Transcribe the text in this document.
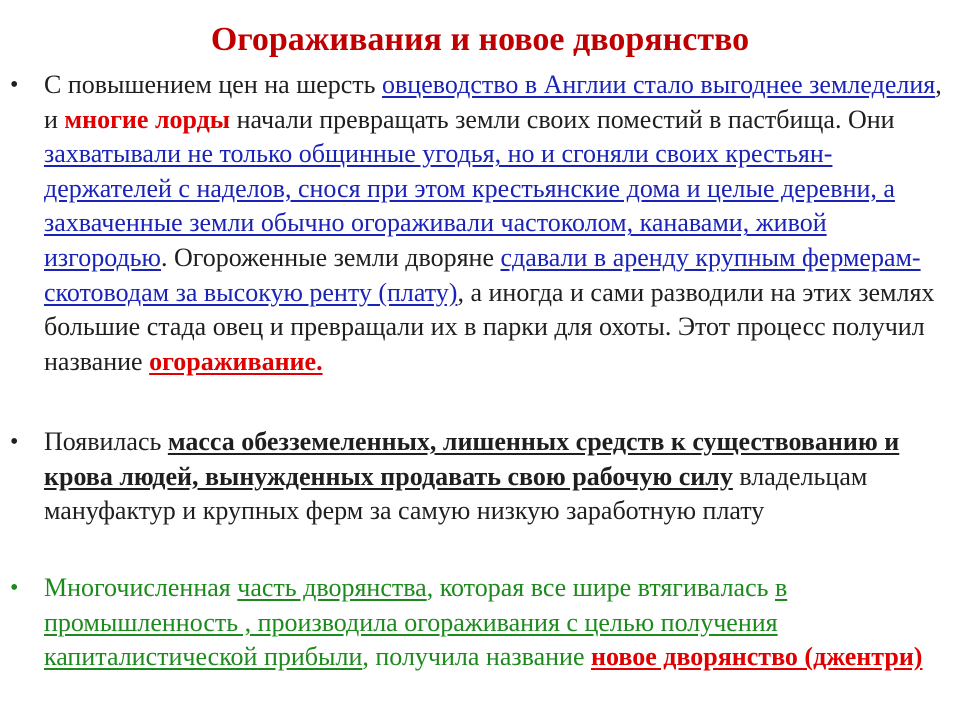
Огораживания и новое дворянство
• С повышением цен на шерсть овцеводство в Англии стало выгоднее земледелия, и многие лорды начали превращать земли своих поместий в пастбища. Они захватывали не только общинные угодья, но и сгоняли своих крестьян-держателей с наделов, снося при этом крестьянские дома и целые деревни, а захваченные земли обычно огораживали частоколом, канавами, живой изгородью. Огороженные земли дворяне сдавали в аренду крупным фермерам-скотоводам за высокую ренту (плату), а иногда и сами разводили на этих землях большие стада овец и превращали их в парки для охоты. Этот процесс получил название огораживание.
• Появилась масса обезземеленных, лишенных средств к существованию и крова людей, вынужденных продавать свою рабочую силу владельцам мануфактур и крупных ферм за самую низкую заработную плату
• Многочисленная часть дворянства, которая все шире втягивалась в промышленность , производила огораживания с целью получения капиталистической прибыли, получила название новое дворянство (джентри)
